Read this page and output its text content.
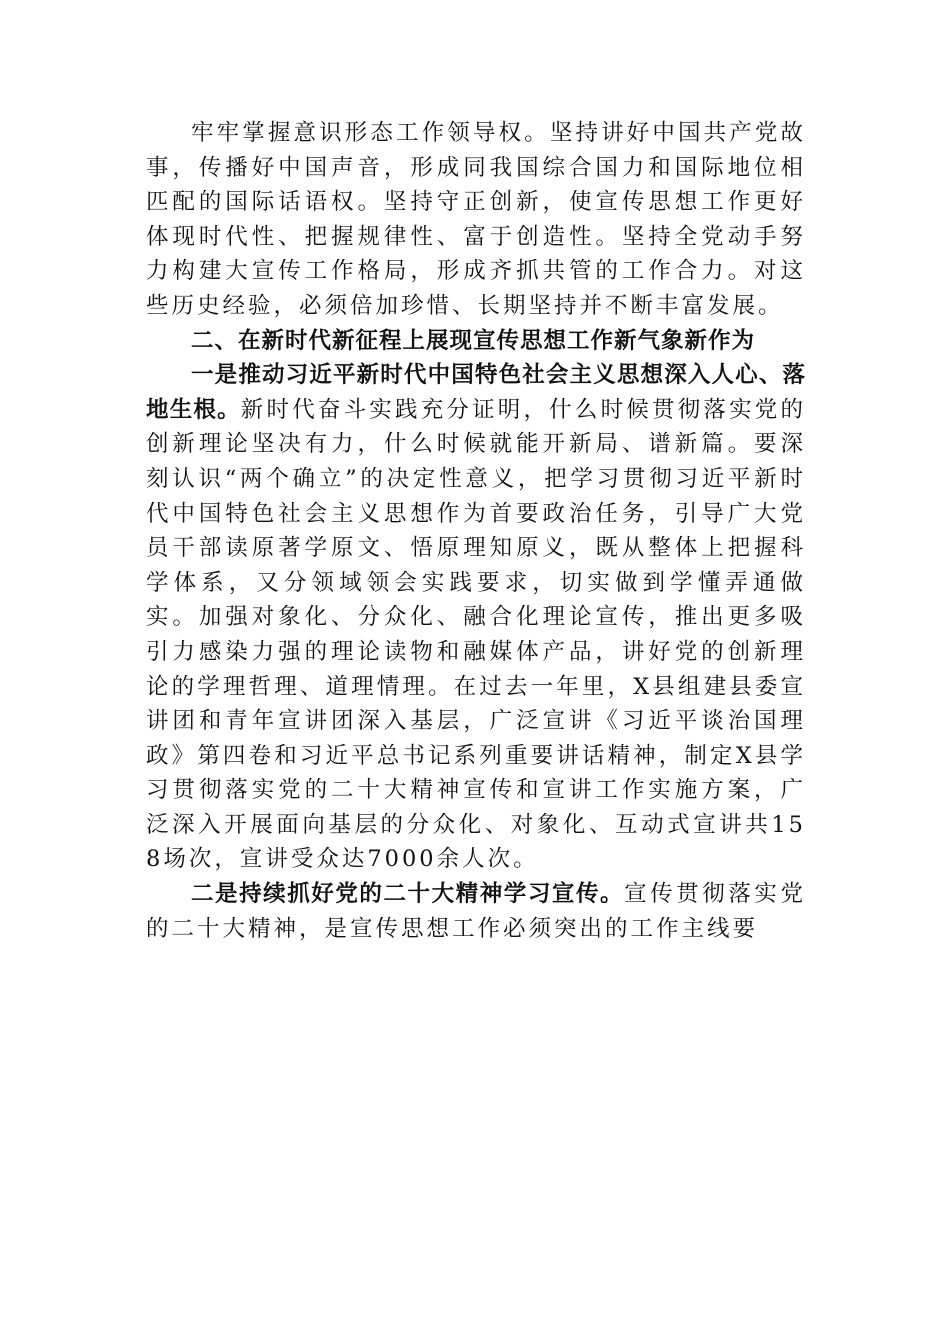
牢牢掌握意识形态工作领导权。坚持讲好中国共产党故事，传播好中国声音，形成同我国综合国力和国际地位相匹配的国际话语权。坚持守正创新，使宣传思想工作更好体现时代性、把握规律性、富于创造性。坚持全党动手努力构建大宣传工作格局，形成齐抓共管的工作合力。对这些历史经验，必须倍加珍惜、长期坚持并不断丰富发展。

二、在新时代新征程上展现宣传思想工作新气象新作为

一是推动习近平新时代中国特色社会主义思想深入人心、落地生根。新时代奋斗实践充分证明，什么时候贯彻落实党的创新理论坚决有力，什么时候就能开新局、谱新篇。要深刻认识“两个确立”的决定性意义，把学习贯彻习近平新时代中国特色社会主义思想作为首要政治任务，引导广大党员干部读原著学原文、悟原理知原义，既从整体上把握科学体系，又分领域领会实践要求，切实做到学懂弄通做实。加强对象化、分众化、融合化理论宣传，推出更多吸引力感染力强的理论读物和融媒体产品，讲好党的创新理论的学理哲理、道理情理。在过去一年里，X县组建县委宣讲团和青年宣讲团深入基层，广泛宣讲《习近平谈治国理政》第四卷和习近平总书记系列重要讲话精神，制定X县学习贯彻落实党的二十大精神宣传和宣讲工作实施方案，广泛深入开展面向基层的分众化、对象化、互动式宣讲共158场次，宣讲受众达7000余人次。

二是持续抓好党的二十大精神学习宣传。宣传贯彻落实党的二十大精神，是宣传思想工作必须突出的工作主线要
